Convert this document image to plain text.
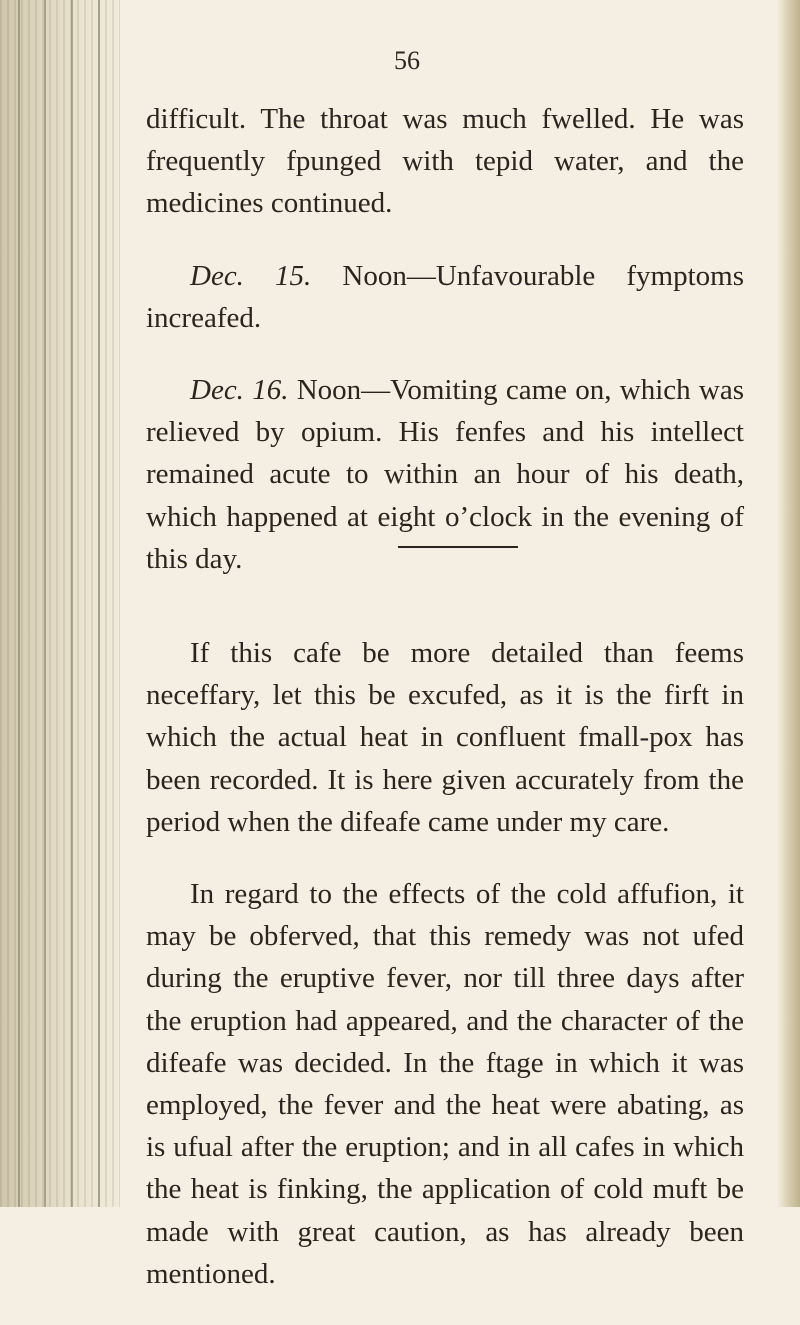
56

difficult. The throat was much fwelled. He was frequently fpunged with tepid water, and the medicines continued.

Dec. 15. Noon—Unfavourable fymptoms increafed.

Dec. 16. Noon—Vomiting came on, which was relieved by opium. His fenfes and his intellect remained acute to within an hour of his death, which happened at eight o’clock in the evening of this day.

If this cafe be more detailed than feems neceffary, let this be excufed, as it is the firft in which the actual heat in confluent fmall-pox has been recorded. It is here given accurately from the period when the difeafe came under my care.

In regard to the effects of the cold affufion, it may be obferved, that this remedy was not ufed during the eruptive fever, nor till three days after the eruption had appeared, and the character of the difeafe was decided. In the ftage in which it was employed, the fever and the heat were abating, as is ufual after the eruption; and in all cafes in which the heat is finking, the application of cold muft be made with great caution, as has already been mentioned.
